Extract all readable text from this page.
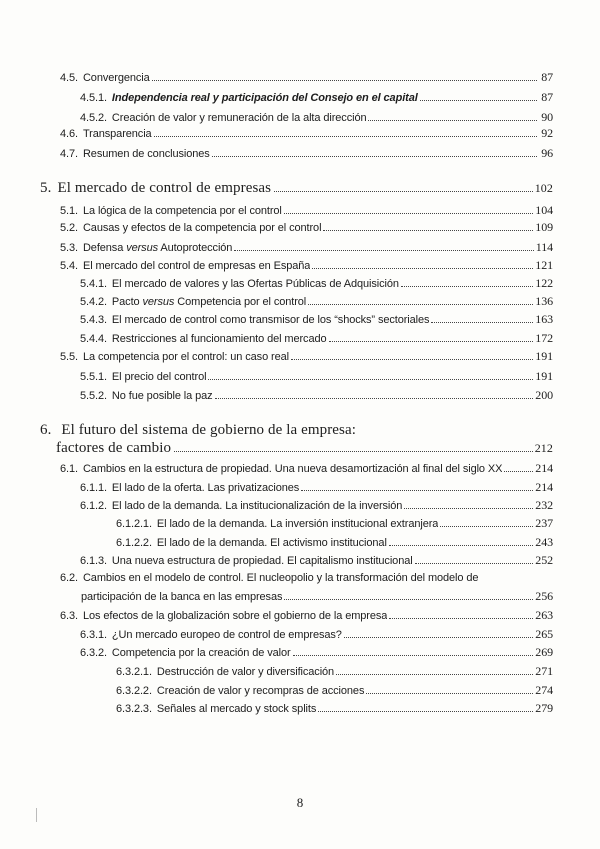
4.5. Convergencia	87
4.5.1. Independencia real y participación del Consejo en el capital	87
4.5.2. Creación de valor y remuneración de la alta dirección	90
4.6. Transparencia	92
4.7. Resumen de conclusiones	96
5. El mercado de control de empresas	102
5.1. La lógica de la competencia por el control	104
5.2. Causas y efectos de la competencia por el control	109
5.3. Defensa versus Autoprotección	114
5.4. El mercado del control de empresas en España	121
5.4.1. El mercado de valores y las Ofertas Públicas de Adquisición	122
5.4.2. Pacto versus Competencia por el control	136
5.4.3. El mercado de control como transmisor de los “shocks” sectoriales	163
5.4.4. Restricciones al funcionamiento del mercado	172
5.5. La competencia por el control: un caso real	191
5.5.1. El precio del control	191
5.5.2. No fue posible la paz	200
6. El futuro del sistema de gobierno de la empresa:
factores de cambio	212
6.1. Cambios en la estructura de propiedad. Una nueva desamortización al final del siglo XX	214
6.1.1. El lado de la oferta. Las privatizaciones	214
6.1.2. El lado de la demanda. La institucionalización de la inversión	232
6.1.2.1. El lado de la demanda. La inversión institucional extranjera	237
6.1.2.2. El lado de la demanda. El activismo institucional	243
6.1.3. Una nueva estructura de propiedad. El capitalismo institucional	252
6.2. Cambios en el modelo de control. El nucleopolio y la transformación del modelo de
participación de la banca en las empresas	256
6.3. Los efectos de la globalización sobre el gobierno de la empresa	263
6.3.1. ¿Un mercado europeo de control de empresas?	265
6.3.2. Competencia por la creación de valor	269
6.3.2.1. Destrucción de valor y diversificación	271
6.3.2.2. Creación de valor y recompras de acciones	274
6.3.2.3. Señales al mercado y stock splits	279
8
